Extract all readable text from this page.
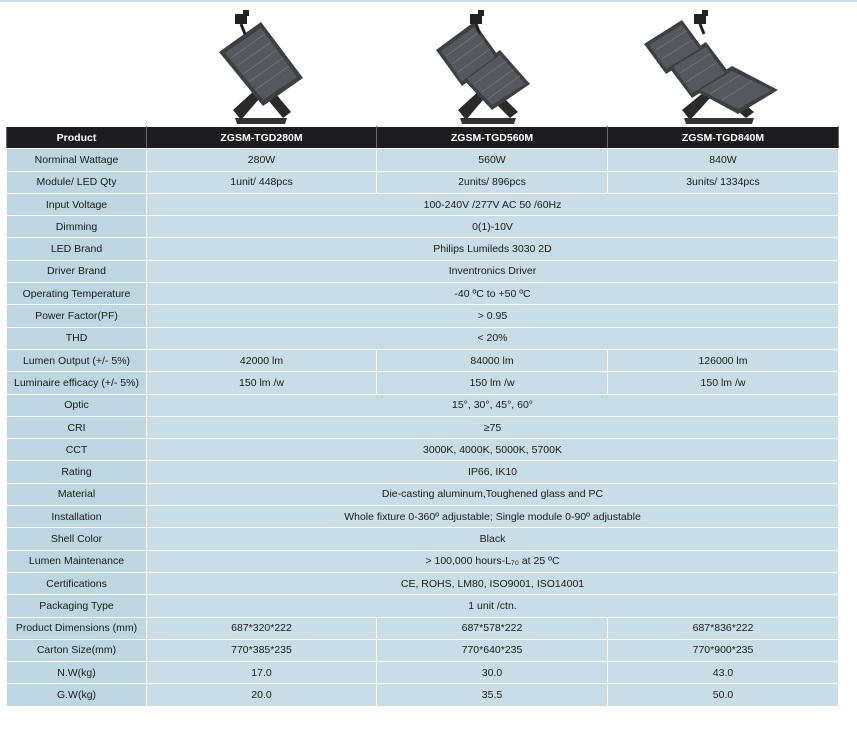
Product	ZGSM-TGD280M	ZGSM-TGD560M	ZGSM-TGD840M
Norminal Wattage	280W	560W	840W
Module/ LED Qty	1unit/ 448pcs	2units/ 896pcs	3units/ 1334pcs
Input Voltage	100-240V /277V AC 50 /60Hz		
Dimming	0(1)-10V		
LED Brand	Philips Lumileds 3030 2D		
Driver Brand	Inventronics Driver		
Operating Temperature	-40 ºC to +50 ºC		
Power Factor(PF)	> 0.95		
THD	< 20%		
Lumen Output (+/- 5%)	42000 lm	84000 lm	126000 lm
Luminaire efficacy (+/- 5%)	150 lm /w	150 lm /w	150 lm /w
Optic	15°, 30°, 45°, 60°		
CRI	≥75		
CCT	3000K, 4000K, 5000K, 5700K		
Rating	IP66, IK10		
Material	Die-casting aluminum,Toughened glass and PC		
Installation	Whole fixture 0-360º adjustable; Single module 0-90º adjustable		
Shell Color	Black		
Lumen Maintenance	> 100,000 hours-L₇₀ at 25 ºC		
Certifications	CE, ROHS, LM80, ISO9001, ISO14001		
Packaging Type	1 unit /ctn.		
Product Dimensions (mm)	687*320*222	687*578*222	687*836*222
Carton Size(mm)	770*385*235	770*640*235	770*900*235
N.W(kg)	17.0	30.0	43.0
G.W(kg)	20.0	35.5	50.0
